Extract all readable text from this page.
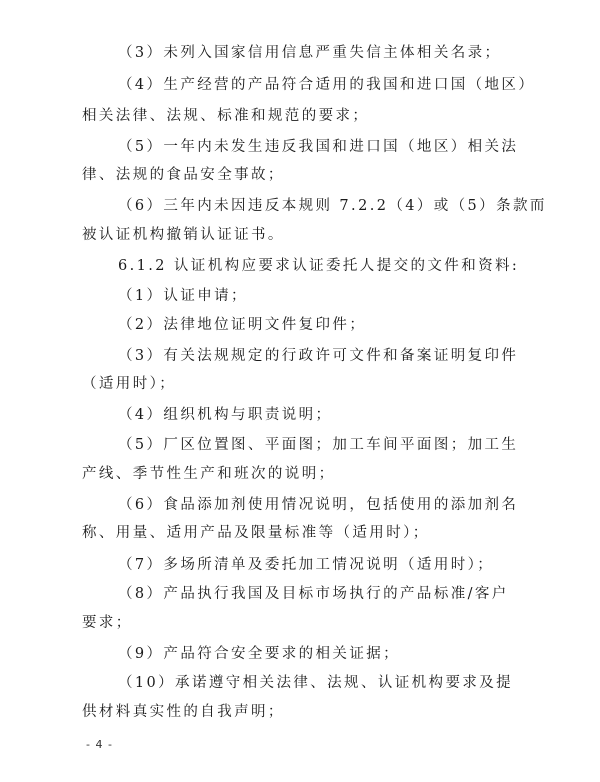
（3）未列入国家信用信息严重失信主体相关名录；
（4）生产经营的产品符合适用的我国和进口国（地区）
相关法律、法规、标准和规范的要求；
（5）一年内未发生违反我国和进口国（地区）相关法
律、法规的食品安全事故；
（6）三年内未因违反本规则 7.2.2（4）或（5）条款而
被认证机构撤销认证证书。
6.1.2 认证机构应要求认证委托人提交的文件和资料:
（1）认证申请；
（2）法律地位证明文件复印件；
（3）有关法规规定的行政许可文件和备案证明复印件
（适用时）；
（4）组织机构与职责说明；
（5）厂区位置图、平面图；加工车间平面图；加工生
产线、季节性生产和班次的说明；
（6）食品添加剂使用情况说明，包括使用的添加剂名
称、用量、适用产品及限量标准等（适用时）；
（7）多场所清单及委托加工情况说明（适用时）；
（8）产品执行我国及目标市场执行的产品标准/客户
要求；
（9）产品符合安全要求的相关证据；
（10）承诺遵守相关法律、法规、认证机构要求及提
供材料真实性的自我声明；
- 4 -
